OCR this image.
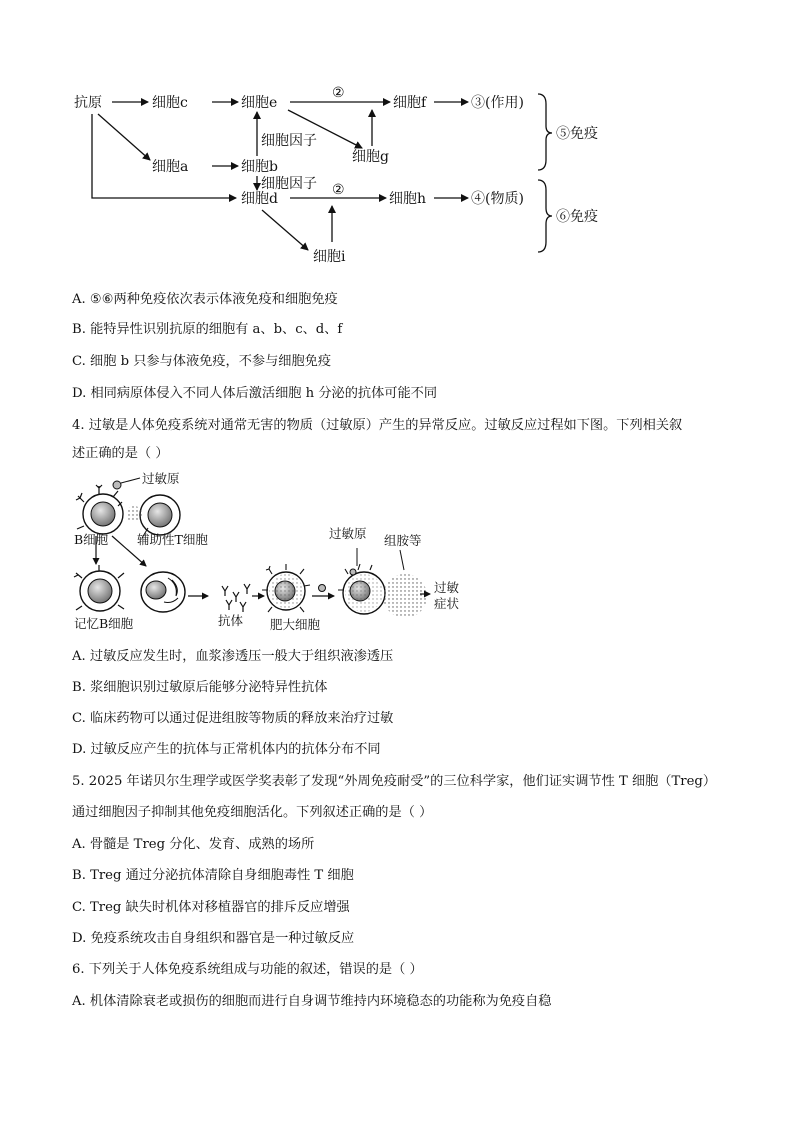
抗原	细胞c	细胞e	细胞f	③(作用)
②
细胞因子
细胞g
细胞a	细胞b
细胞因子 ②
细胞d	细胞h	④(物质)
细胞i
⑤免疫
⑥免疫
A. ⑤⑥两种免疫依次表示体液免疫和细胞免疫
B. 能特异性识别抗原的细胞有 a、b、c、d、f
C. 细胞 b 只参与体液免疫，不参与细胞免疫
D. 相同病原体侵入不同人体后激活细胞 h 分泌的抗体可能不同
4. 过敏是人体免疫系统对通常无害的物质（过敏原）产生的异常反应。过敏反应过程如下图。下列相关叙
述正确的是（ ）
过敏原
B细胞 辅助性T细胞
记忆B细胞	抗体 肥大细胞
过敏原 组胺等
过敏
症状
A. 过敏反应发生时，血浆渗透压一般大于组织液渗透压
B. 浆细胞识别过敏原后能够分泌特异性抗体
C. 临床药物可以通过促进组胺等物质的释放来治疗过敏
D. 过敏反应产生的抗体与正常机体内的抗体分布不同
5. 2025 年诺贝尔生理学或医学奖表彰了发现“外周免疫耐受”的三位科学家，他们证实调节性 T 细胞（Treg）
通过细胞因子抑制其他免疫细胞活化。下列叙述正确的是（ ）
A. 骨髓是 Treg 分化、发育、成熟的场所
B. Treg 通过分泌抗体清除自身细胞毒性 T 细胞
C. Treg 缺失时机体对移植器官的排斥反应增强
D. 免疫系统攻击自身组织和器官是一种过敏反应
6. 下列关于人体免疫系统组成与功能的叙述，错误的是（ ）
A. 机体清除衰老或损伤的细胞而进行自身调节维持内环境稳态的功能称为免疫自稳
